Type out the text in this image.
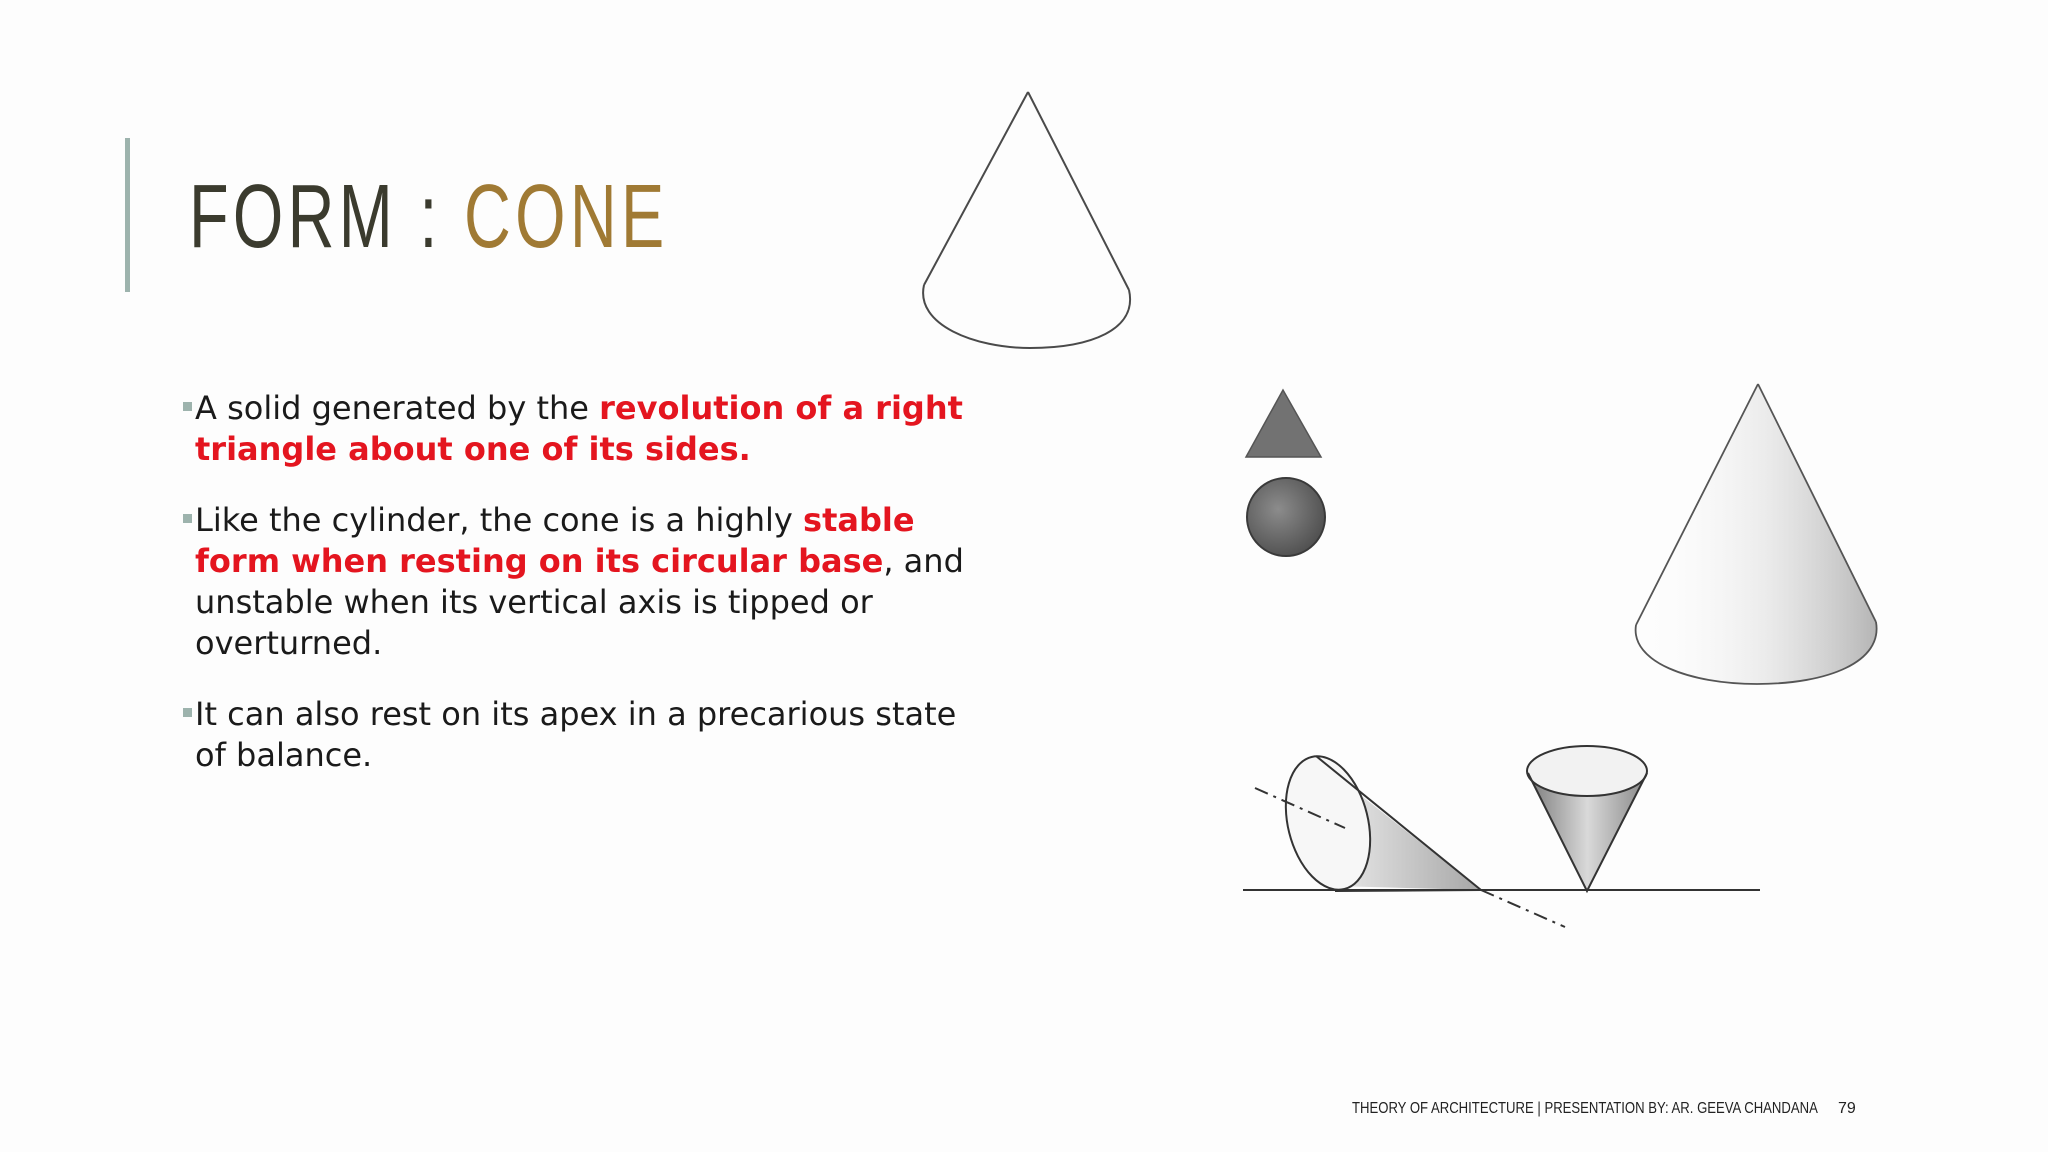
FORM : CONE
A solid generated by the revolution of a right triangle about one of its sides.
Like the cylinder, the cone is a highly stable form when resting on its circular base, and unstable when its vertical axis is tipped or overturned.
It can also rest on its apex in a precarious state of balance.
THEORY OF ARCHITECTURE | PRESENTATION BY: AR. GEEVA CHANDANA 79
